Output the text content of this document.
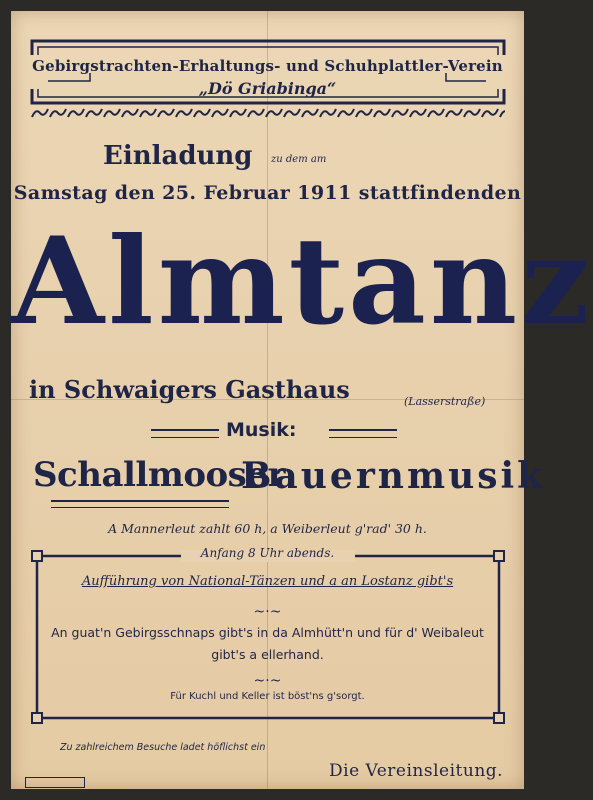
Gebirgstrachten-Erhaltungs- und Schuhplattler-Verein
„Dö Griabinga“
Einladung zu dem am
Samstag den 25. Februar 1911 stattfindenden
Almtanz
in Schwaigers Gasthaus	(Lasserstraße)
Musik:
Schallmooser
Bauernmusik
A Mannerleut zahlt 60 h, a Weiberleut g'rad' 30 h.
Anfang 8 Uhr abends.
Aufführung von National-Tänzen und a an Lostanz gibt's
~·~
An guat'n Gebirgsschnaps gibt's in da Almhütt'n und für d' Weibaleut
gibt's a ellerhand.
~·~
Für Kuchl und Keller ist böst'ns g'sorgt.
Zu zahlreichem Besuche ladet höflichst ein
Die Vereinsleitung.
